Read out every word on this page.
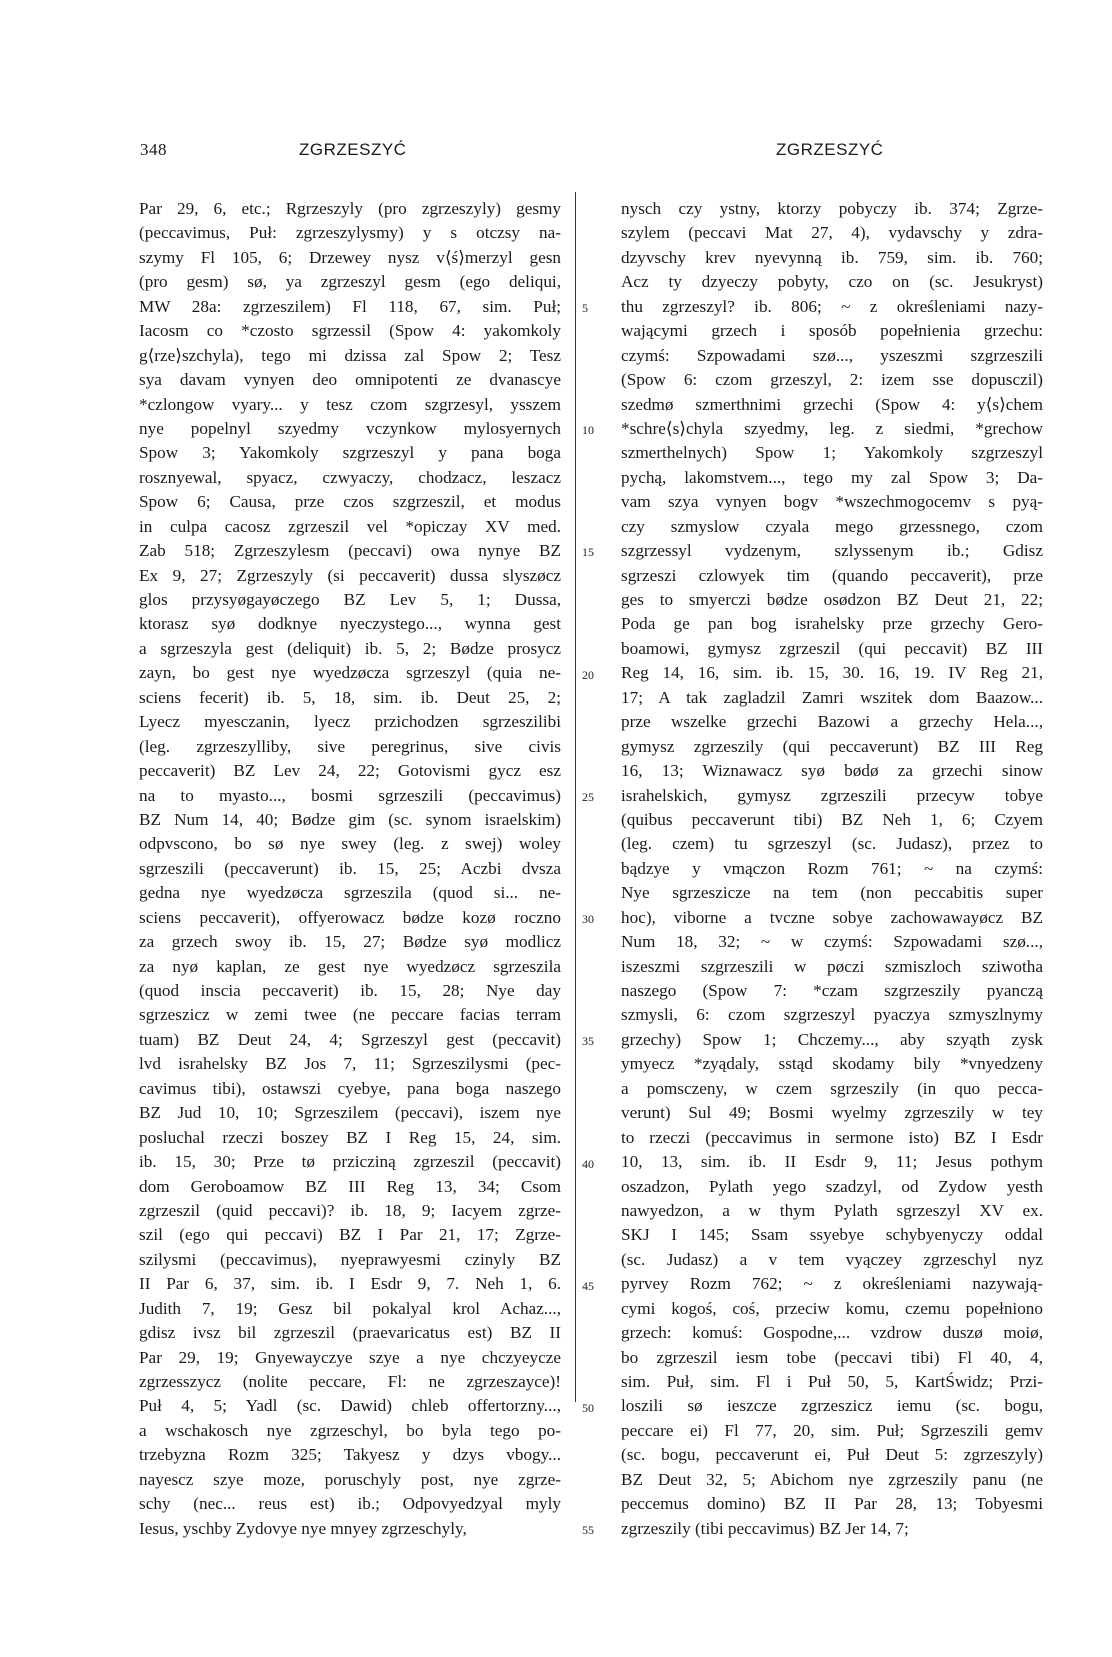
348	ZGRZESZYĆ	ZGRZESZYĆ
5
10
15
20
25
30
35
40
45
50
55
Par 29, 6, etc.; Rgrzeszyly (pro zgrzeszyly) gesmy
(peccavimus, Puł: zgrzeszylysmy) y s otczsy na-
szymy Fl 105, 6; Drzewey nysz v⟨ś⟩merzyl gesn
(pro gesm) sø, ya zgrzeszyl gesm (ego deliqui,
MW 28a: zgrzeszilem) Fl 118, 67, sim. Puł;
Iacosm co *czosto sgrzessil (Spow 4: yakomkoly
g⟨rze⟩szchyla), tego mi dzissa zal Spow 2; Tesz
sya davam vynyen deo omnipotenti ze dvanascye
*czlongow vyary... y tesz czom szgrzesyl, ysszem
nye popelnyl szyedmy vczynkow mylosyernych
Spow 3; Yakomkoly szgrzeszyl y pana boga
rosznyewal, spyacz, czwyaczy, chodzacz, leszacz
Spow 6; Causa, prze czos szgrzeszil, et modus
in culpa cacosz zgrzeszil vel *opiczay XV med.
Zab 518; Zgrzeszylesm (peccavi) owa nynye BZ
Ex 9, 27; Zgrzeszyly (si peccaverit) dussa slyszøcz
glos przysyøgayøczego BZ Lev 5, 1; Dussa,
ktorasz syø dodknye nyeczystego..., wynna gest
a sgrzeszyla gest (deliquit) ib. 5, 2; Bødze prosycz
zayn, bo gest nye wyedzøcza sgrzeszyl (quia ne-
sciens fecerit) ib. 5, 18, sim. ib. Deut 25, 2;
Lyecz myesczanin, lyecz przichodzen sgrzeszilibi
(leg. zgrzeszylliby, sive peregrinus, sive civis
peccaverit) BZ Lev 24, 22; Gotovismi gycz esz
na to myasto..., bosmi sgrzeszili (peccavimus)
BZ Num 14, 40; Bødze gim (sc. synom israelskim)
odpvscono, bo sø nye swey (leg. z swej) woley
sgrzeszili (peccaverunt) ib. 15, 25; Aczbi dvsza
gedna nye wyedzøcza sgrzeszila (quod si... ne-
sciens peccaverit), offyerowacz bødze kozø roczno
za grzech swoy ib. 15, 27; Bødze syø modlicz
za nyø kaplan, ze gest nye wyedzøcz sgrzeszila
(quod inscia peccaverit) ib. 15, 28; Nye day
sgrzeszicz w zemi twee (ne peccare facias terram
tuam) BZ Deut 24, 4; Sgrzeszyl gest (peccavit)
lvd israhelsky BZ Jos 7, 11; Sgrzeszilysmi (pec-
cavimus tibi), ostawszi cyebye, pana boga naszego
BZ Jud 10, 10; Sgrzeszilem (peccavi), iszem nye
posluchal rzeczi boszey BZ I Reg 15, 24, sim.
ib. 15, 30; Prze tø przicziną zgrzeszil (peccavit)
dom Geroboamow BZ III Reg 13, 34; Csom
zgrzeszil (quid peccavi)? ib. 18, 9; Iacyem zgrze-
szil (ego qui peccavi) BZ I Par 21, 17; Zgrze-
szilysmi (peccavimus), nyeprawyesmi czinyly BZ
II Par 6, 37, sim. ib. I Esdr 9, 7. Neh 1, 6.
Judith 7, 19; Gesz bil pokalyal krol Achaz...,
gdisz ivsz bil zgrzeszil (praevaricatus est) BZ II
Par 29, 19; Gnyewayczye szye a nye chczyeycze
zgrzesszycz (nolite peccare, Fl: ne zgrzeszayce)!
Puł 4, 5; Yadl (sc. Dawid) chleb offertorzny...,
a wschakosch nye zgrzeschyl, bo byla tego po-
trzebyzna Rozm 325; Takyesz y dzys vbogy...
nayescz szye moze, poruschyly post, nye zgrze-
schy (nec... reus est) ib.; Odpovyedzyal myly
Iesus, yschby Zydovye nye mnyey zgrzeschyly,
nysch czy ystny, ktorzy pobyczy ib. 374; Zgrze-
szylem (peccavi Mat 27, 4), vydavschy y zdra-
dzyvschy krev nyevynną ib. 759, sim. ib. 760;
Acz ty dzyeczy pobyty, czo on (sc. Jesukryst)
thu zgrzeszyl? ib. 806; ~ z określeniami nazy-
wającymi grzech i sposób popełnienia grzechu:
czymś: Szpowadami szø..., yszeszmi szgrzeszili
(Spow 6: czom grzeszyl, 2: izem sse dopusczil)
szedmø szmerthnimi grzechi (Spow 4: y⟨s⟩chem
*schre⟨s⟩chyla szyedmy, leg. z siedmi, *grechow
szmerthelnych) Spow 1; Yakomkoly szgrzeszyl
pychą, lakomstvem..., tego my zal Spow 3; Da-
vam szya vynyen bogv *wszechmogocemv s pyą-
czy szmyslow czyala mego grzessnego, czom
szgrzessyl vydzenym, szlyssenym ib.; Gdisz
sgrzeszi czlowyek tim (quando peccaverit), prze
ges to smyerczi bødze osødzon BZ Deut 21, 22;
Poda ge pan bog israhelsky prze grzechy Gero-
boamowi, gymysz zgrzeszil (qui peccavit) BZ III
Reg 14, 16, sim. ib. 15, 30. 16, 19. IV Reg 21,
17; A tak zagladzil Zamri wszitek dom Baazow...
prze wszelke grzechi Bazowi a grzechy Hela...,
gymysz zgrzeszily (qui peccaverunt) BZ III Reg
16, 13; Wiznawacz syø bødø za grzechi sinow
israhelskich, gymysz zgrzeszili przecyw tobye
(quibus peccaverunt tibi) BZ Neh 1, 6; Czyem
(leg. czem) tu sgrzeszyl (sc. Judasz), przez to
bądzye y vmączon Rozm 761; ~ na czymś:
Nye sgrzeszicze na tem (non peccabitis super
hoc), viborne a tvczne sobye zachowawayøcz BZ
Num 18, 32; ~ w czymś: Szpowadami szø...,
iszeszmi szgrzeszili w pøczi szmiszloch sziwotha
naszego (Spow 7: *czam szgrzeszily pyanczą
szmysli, 6: czom szgrzeszyl pyaczya szmyszlnymy
grzechy) Spow 1; Chczemy..., aby szyąth zysk
ymyecz *zyądaly, sstąd skodamy bily *vnyedzeny
a pomsczeny, w czem sgrzeszily (in quo pecca-
verunt) Sul 49; Bosmi wyelmy zgrzeszily w tey
to rzeczi (peccavimus in sermone isto) BZ I Esdr
10, 13, sim. ib. II Esdr 9, 11; Jesus pothym
oszadzon, Pylath yego szadzyl, od Zydow yesth
nawyedzon, a w thym Pylath sgrzeszyl XV ex.
SKJ I 145; Ssam ssyebye schybyenyczy oddal
(sc. Judasz) a v tem vyączey zgrzeschyl nyz
pyrvey Rozm 762; ~ z określeniami nazywają-
cymi kogoś, coś, przeciw komu, czemu popełniono
grzech: komuś: Gospodne,... vzdrow duszø moiø,
bo zgrzeszil iesm tobe (peccavi tibi) Fl 40, 4,
sim. Puł, sim. Fl i Puł 50, 5, KartŚwidz; Przi-
loszili sø ieszcze zgrzeszicz iemu (sc. bogu,
peccare ei) Fl 77, 20, sim. Puł; Sgrzeszili gemv
(sc. bogu, peccaverunt ei, Puł Deut 5: zgrzeszyly)
BZ Deut 32, 5; Abichom nye zgrzeszily panu (ne
peccemus domino) BZ II Par 28, 13; Tobyesmi
zgrzeszily (tibi peccavimus) BZ Jer 14, 7;
